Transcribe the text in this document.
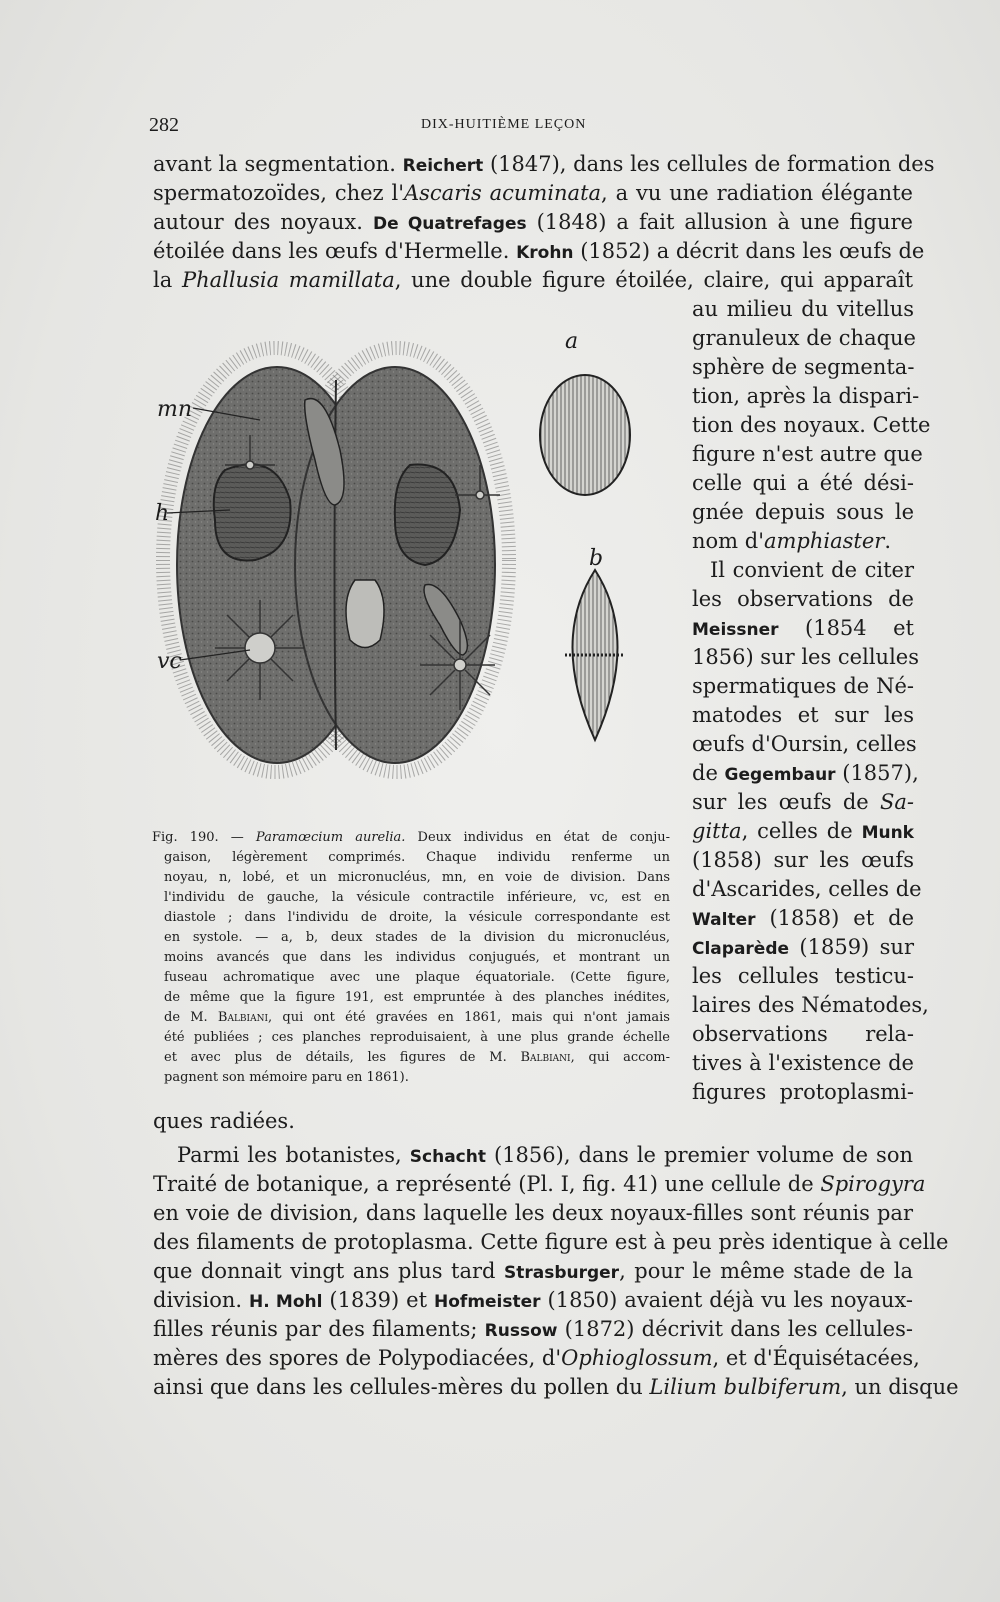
282	DIX-HUITIÈME LEÇON
avant la segmentation. Reichert (1847), dans les cellules de formation des
spermatozoïdes, chez l'Ascaris acuminata, a vu une radiation élégante
autour des noyaux. De Quatrefages (1848) a fait allusion à une figure
étoilée dans les œufs d'Hermelle. Krohn (1852) a décrit dans les œufs de
la Phallusia mamillata, une double figure étoilée, claire, qui apparaît
mn
h
vc
a
b
Fig. 190. — Paramœcium aurelia. Deux individus en état de conju-
gaison, légèrement comprimés. Chaque individu renferme un
noyau, n, lobé, et un micronucléus, mn, en voie de division. Dans
l'individu de gauche, la vésicule contractile inférieure, vc, est en
diastole ; dans l'individu de droite, la vésicule correspondante est
en systole. — a, b, deux stades de la division du micronucléus,
moins avancés que dans les individus conjugués, et montrant un
fuseau achromatique avec une plaque équatoriale. (Cette figure,
de même que la figure 191, est empruntée à des planches inédites,
de M. Balbiani, qui ont été gravées en 1861, mais qui n'ont jamais
été publiées ; ces planches reproduisaient, à une plus grande échelle
et avec plus de détails, les figures de M. Balbiani, qui accom-
pagnent son mémoire paru en 1861).
au milieu du vitellus
granuleux de chaque
sphère de segmenta-
tion, après la dispari-
tion des noyaux. Cette
figure n'est autre que
celle qui a été dési-
gnée depuis sous le
nom d'amphiaster.
Il convient de citer
les observations de
Meissner (1854 et
1856) sur les cellules
spermatiques de Né-
matodes et sur les
œufs d'Oursin, celles
de Gegembaur (1857),
sur les œufs de Sa-
gitta, celles de Munk
(1858) sur les œufs
d'Ascarides, celles de
Walter (1858) et de
Claparède (1859) sur
les cellules testicu-
laires des Nématodes,
observations rela-
tives à l'existence de
figures protoplasmi-
ques radiées.
Parmi les botanistes, Schacht (1856), dans le premier volume de son
Traité de botanique, a représenté (Pl. I, fig. 41) une cellule de Spirogyra
en voie de division, dans laquelle les deux noyaux-filles sont réunis par
des filaments de protoplasma. Cette figure est à peu près identique à celle
que donnait vingt ans plus tard Strasburger, pour le même stade de la
division. H. Mohl (1839) et Hofmeister (1850) avaient déjà vu les noyaux-
filles réunis par des filaments; Russow (1872) décrivit dans les cellules-
mères des spores de Polypodiacées, d'Ophioglossum, et d'Équisétacées,
ainsi que dans les cellules-mères du pollen du Lilium bulbiferum, un disque
